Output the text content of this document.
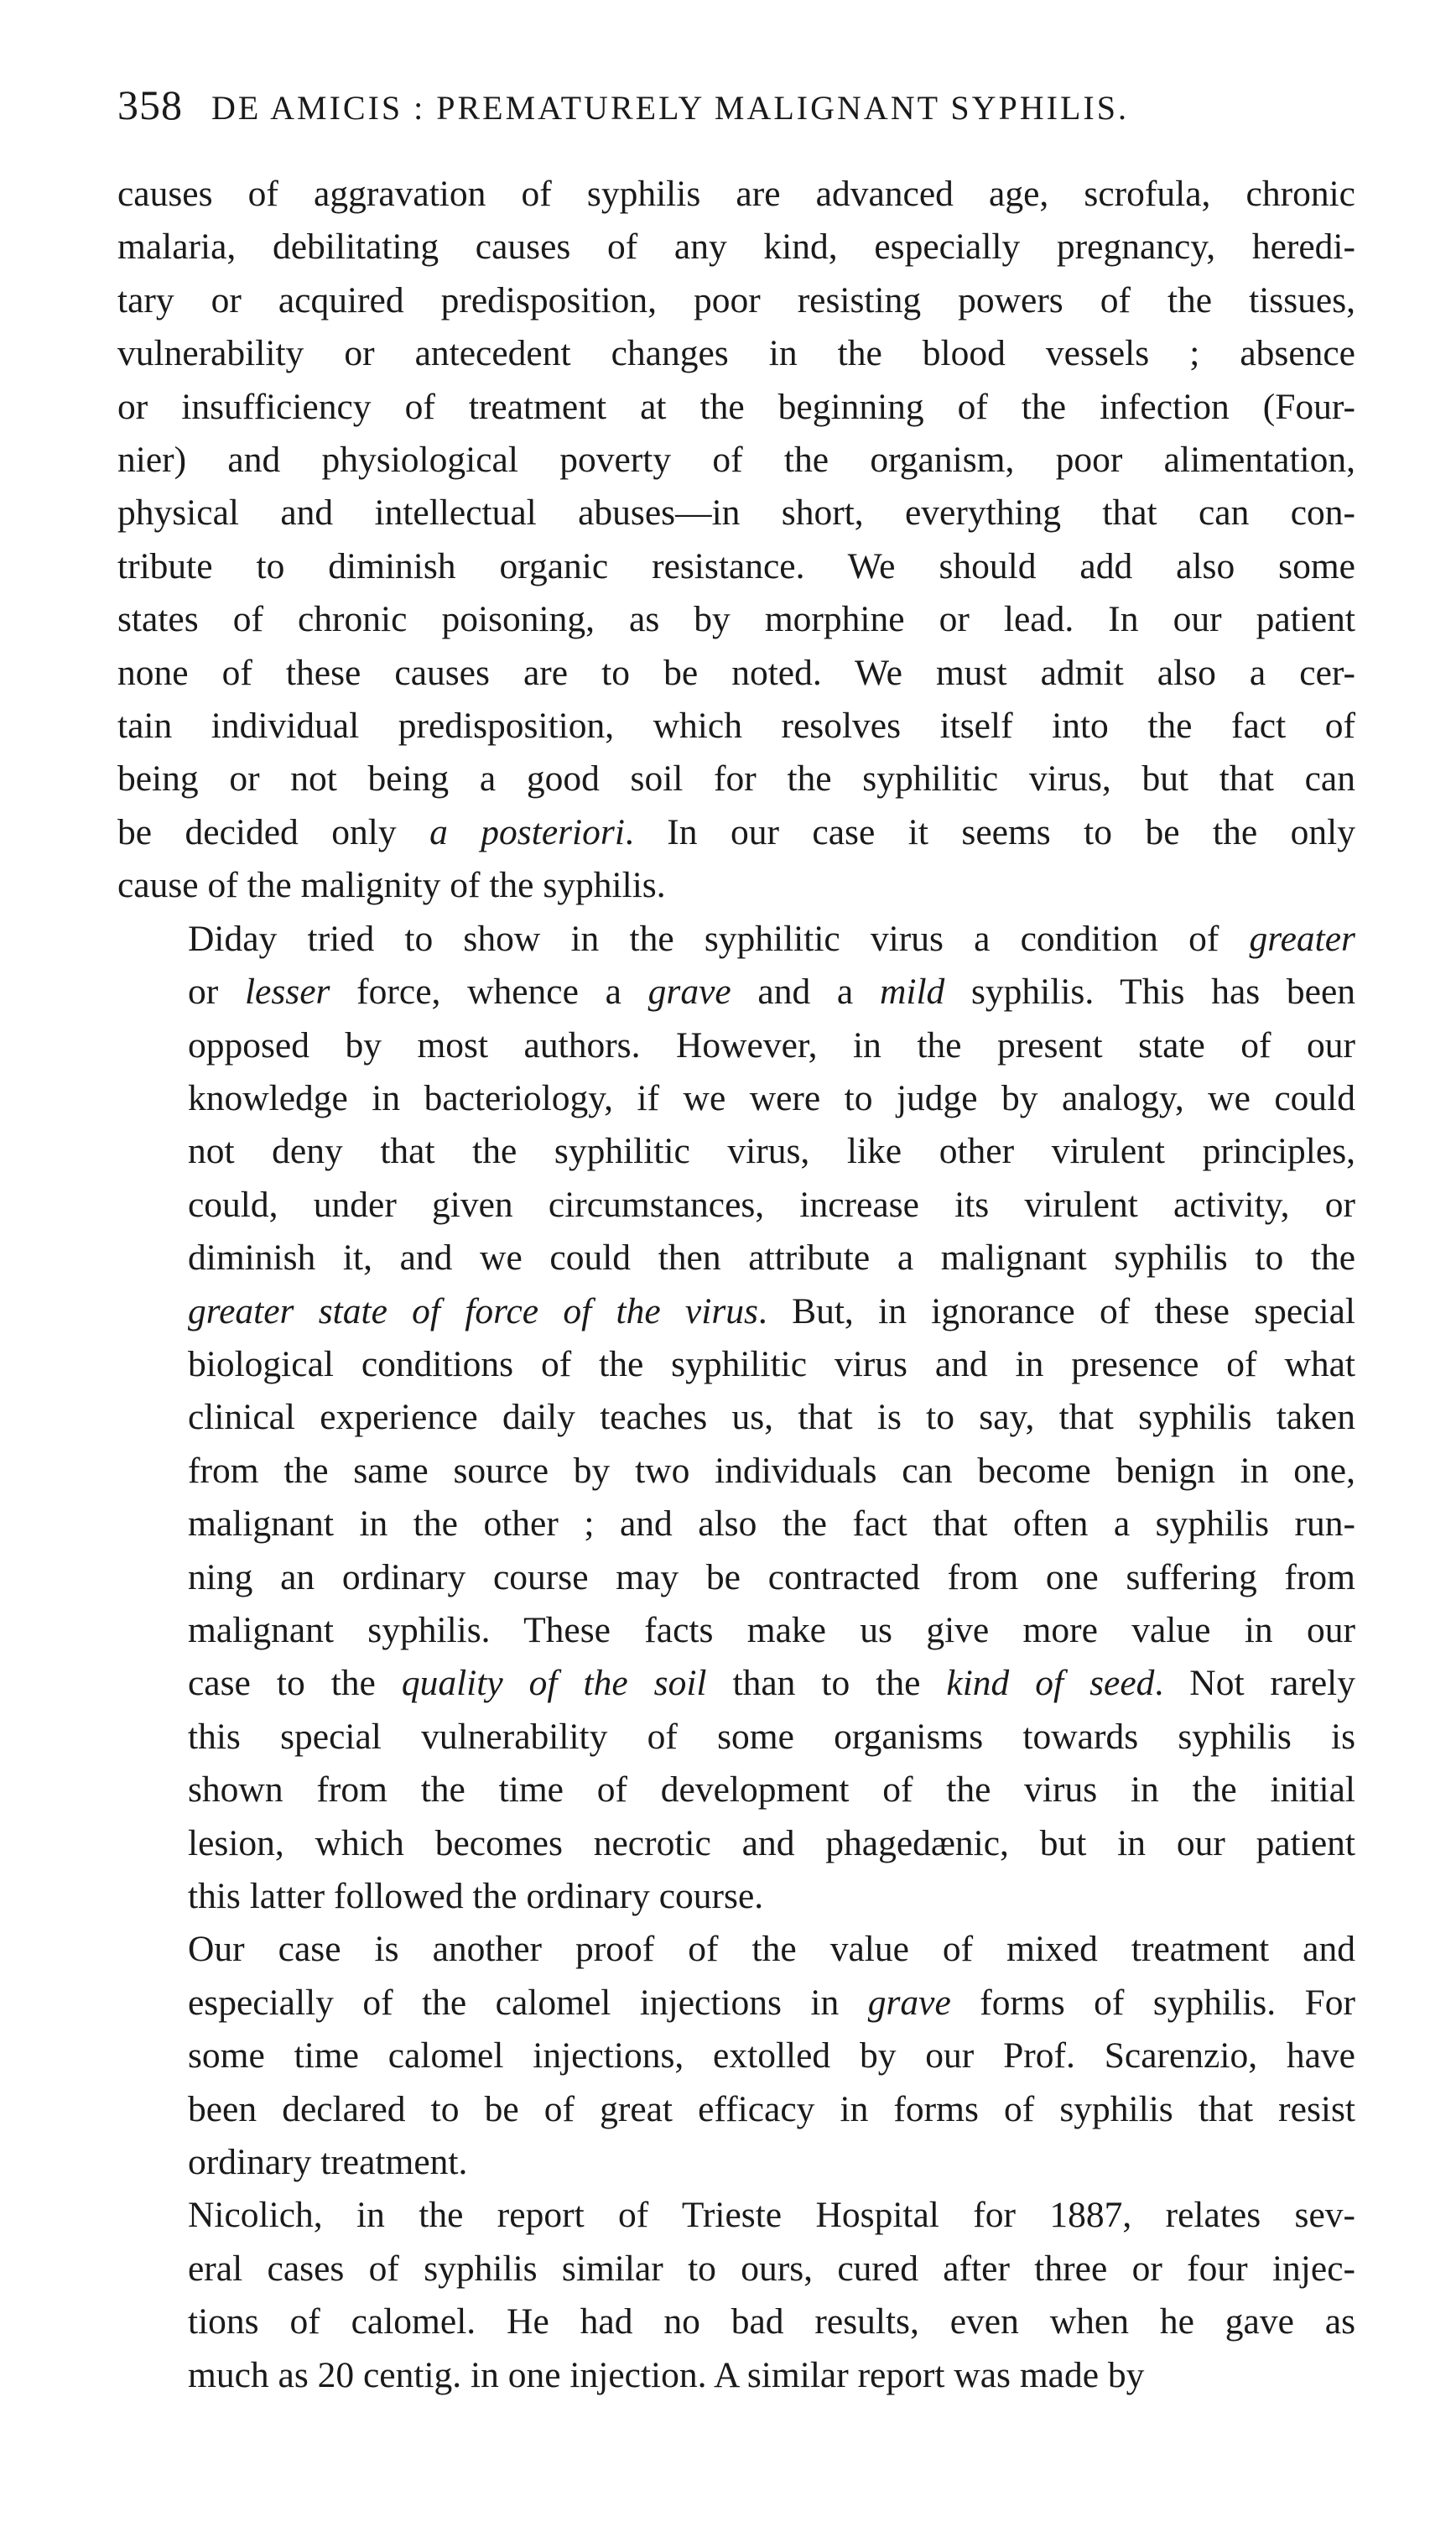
358 DE AMICIS : PREMATURELY MALIGNANT SYPHILIS.

causes of aggravation of syphilis are advanced age, scrofula, chronic
malaria, debilitating causes of any kind, especially pregnancy, heredi-
tary or acquired predisposition, poor resisting powers of the tissues,
vulnerability or antecedent changes in the blood vessels ; absence
or insufficiency of treatment at the beginning of the infection (Four-
nier) and physiological poverty of the organism, poor alimentation,
physical and intellectual abuses—in short, everything that can con-
tribute to diminish organic resistance. We should add also some
states of chronic poisoning, as by morphine or lead. In our patient
none of these causes are to be noted. We must admit also a cer-
tain individual predisposition, which resolves itself into the fact of
being or not being a good soil for the syphilitic virus, but that can
be decided only a posteriori. In our case it seems to be the only
cause of the malignity of the syphilis.

Diday tried to show in the syphilitic virus a condition of greater
or lesser force, whence a grave and a mild syphilis. This has been
opposed by most authors. However, in the present state of our
knowledge in bacteriology, if we were to judge by analogy, we could
not deny that the syphilitic virus, like other virulent principles,
could, under given circumstances, increase its virulent activity, or
diminish it, and we could then attribute a malignant syphilis to the
greater state of force of the virus. But, in ignorance of these special
biological conditions of the syphilitic virus and in presence of what
clinical experience daily teaches us, that is to say, that syphilis taken
from the same source by two individuals can become benign in one,
malignant in the other ; and also the fact that often a syphilis run-
ning an ordinary course may be contracted from one suffering from
malignant syphilis. These facts make us give more value in our
case to the quality of the soil than to the kind of seed. Not rarely
this special vulnerability of some organisms towards syphilis is
shown from the time of development of the virus in the initial
lesion, which becomes necrotic and phagedænic, but in our patient
this latter followed the ordinary course.

Our case is another proof of the value of mixed treatment and
especially of the calomel injections in grave forms of syphilis. For
some time calomel injections, extolled by our Prof. Scarenzio, have
been declared to be of great efficacy in forms of syphilis that resist
ordinary treatment.

Nicolich, in the report of Trieste Hospital for 1887, relates sev-
eral cases of syphilis similar to ours, cured after three or four injec-
tions of calomel. He had no bad results, even when he gave as
much as 20 centig. in one injection. A similar report was made by
